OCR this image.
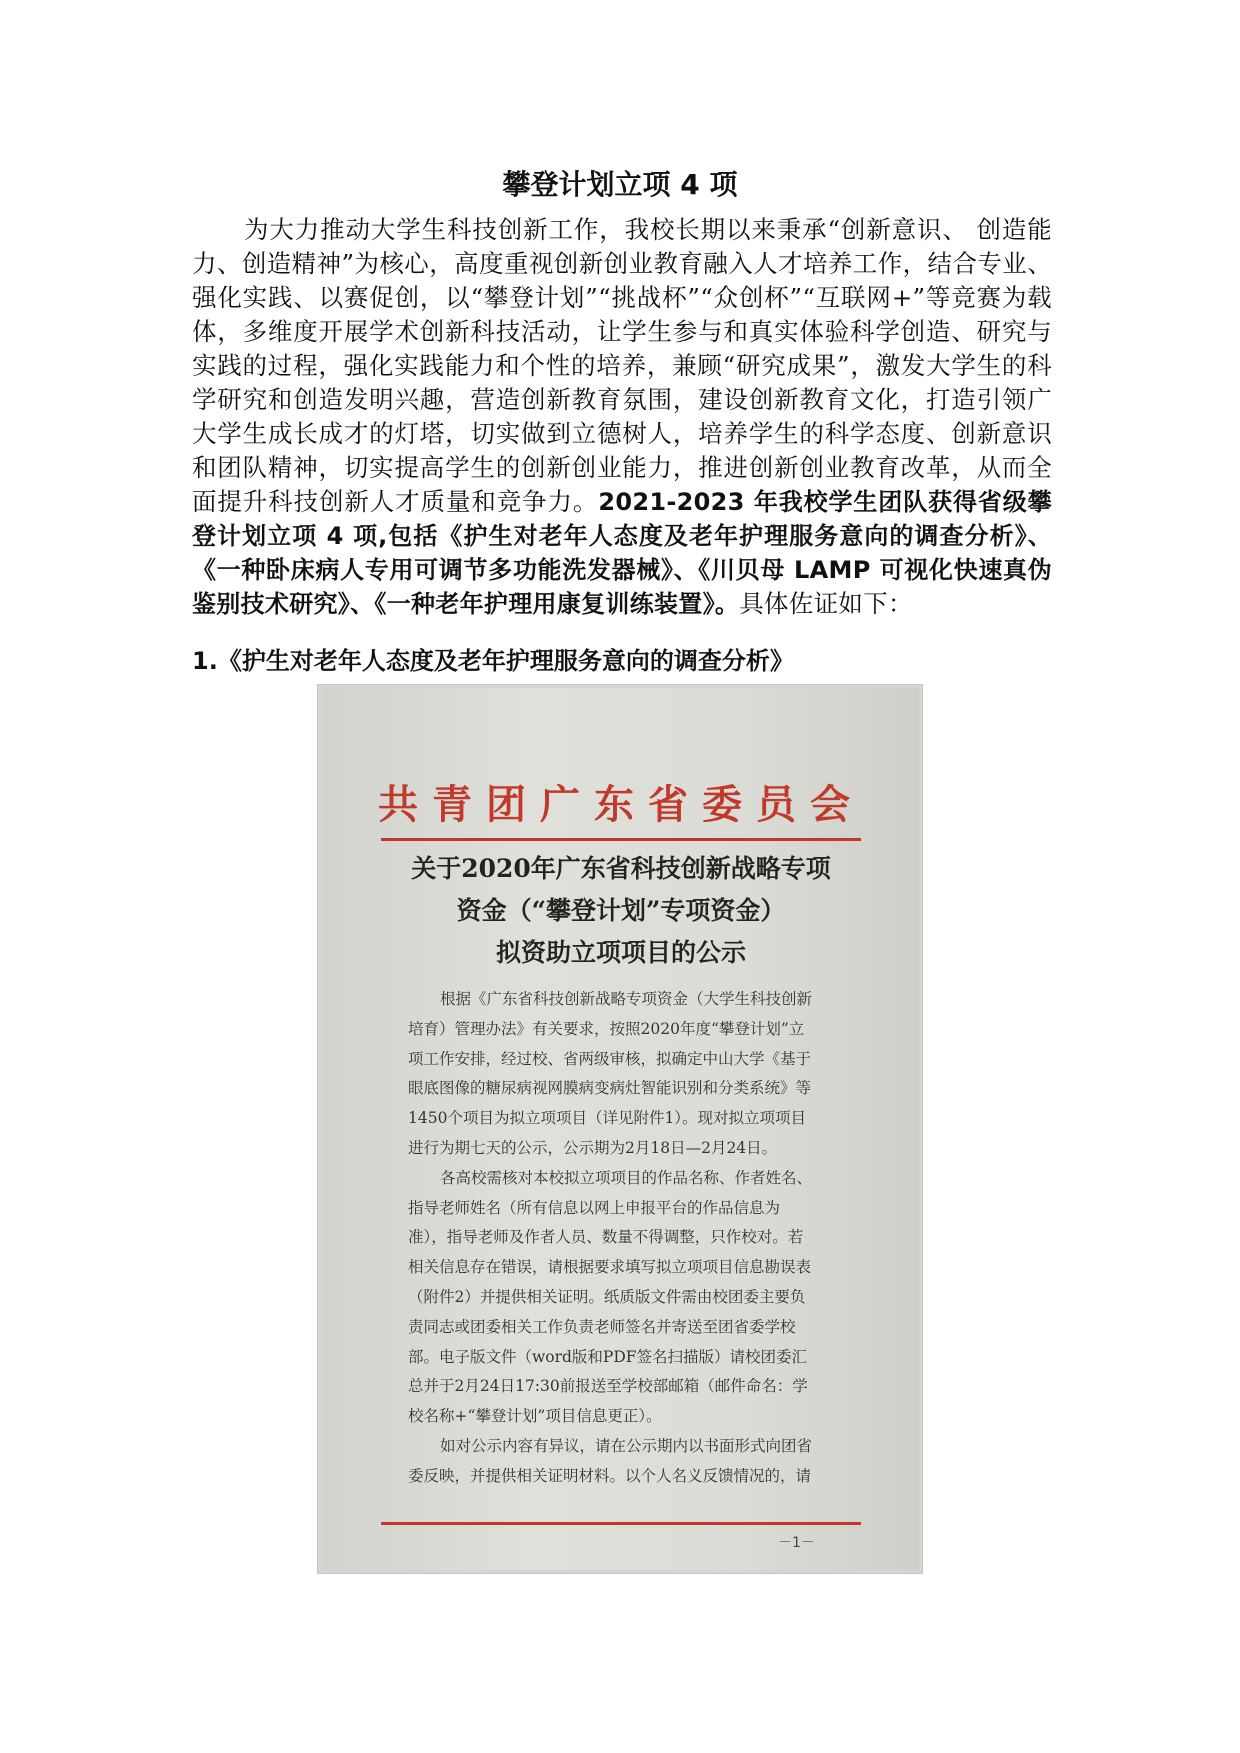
攀登计划立项 4 项

为大力推动大学生科技创新工作，我校长期以来秉承“创新意识、 创造能力、创造精神”为核心，高度重视创新创业教育融入人才培养工作，结合专业、强化实践、以赛促创，以“攀登计划”“挑战杯”“众创杯”“互联网+”等竞赛为载体，多维度开展学术创新科技活动，让学生参与和真实体验科学创造、研究与实践的过程，强化实践能力和个性的培养，兼顾“研究成果”，激发大学生的科学研究和创造发明兴趣，营造创新教育氛围，建设创新教育文化，打造引领广大学生成长成才的灯塔，切实做到立德树人，培养学生的科学态度、创新意识和团队精神，切实提高学生的创新创业能力，推进创新创业教育改革，从而全面提升科技创新人才质量和竞争力。2021-2023 年我校学生团队获得省级攀登计划立项 4 项,包括《护生对老年人态度及老年护理服务意向的调查分析》、《一种卧床病人专用可调节多功能洗发器械》、《川贝母 LAMP 可视化快速真伪鉴别技术研究》、《一种老年护理用康复训练装置》。具体佐证如下：

1.《护生对老年人态度及老年护理服务意向的调查分析》
共青团广东省委员会
关于2020年广东省科技创新战略专项
资金（“攀登计划”专项资金）
拟资助立项项目的公示

根据《广东省科技创新战略专项资金（大学生科技创新培育）管理办法》有关要求，按照2020年度“攀登计划”立项工作安排，经过校、省两级审核，拟确定中山大学《基于眼底图像的糖尿病视网膜病变病灶智能识别和分类系统》等1450个项目为拟立项项目（详见附件1）。现对拟立项项目进行为期七天的公示，公示期为2月18日—2月24日。

各高校需核对本校拟立项项目的作品名称、作者姓名、指导老师姓名（所有信息以网上申报平台的作品信息为准），指导老师及作者人员、数量不得调整，只作校对。若相关信息存在错误，请根据要求填写拟立项项目信息勘误表（附件2）并提供相关证明。纸质版文件需由校团委主要负责同志或团委相关工作负责老师签名并寄送至团省委学校部。电子版文件（word版和PDF签名扫描版）请校团委汇总并于2月24日17:30前报送至学校部邮箱（邮件命名：学校名称+“攀登计划”项目信息更正）。

如对公示内容有异议，请在公示期内以书面形式向团省委反映，并提供相关证明材料。以个人名义反馈情况的，请

－1－
